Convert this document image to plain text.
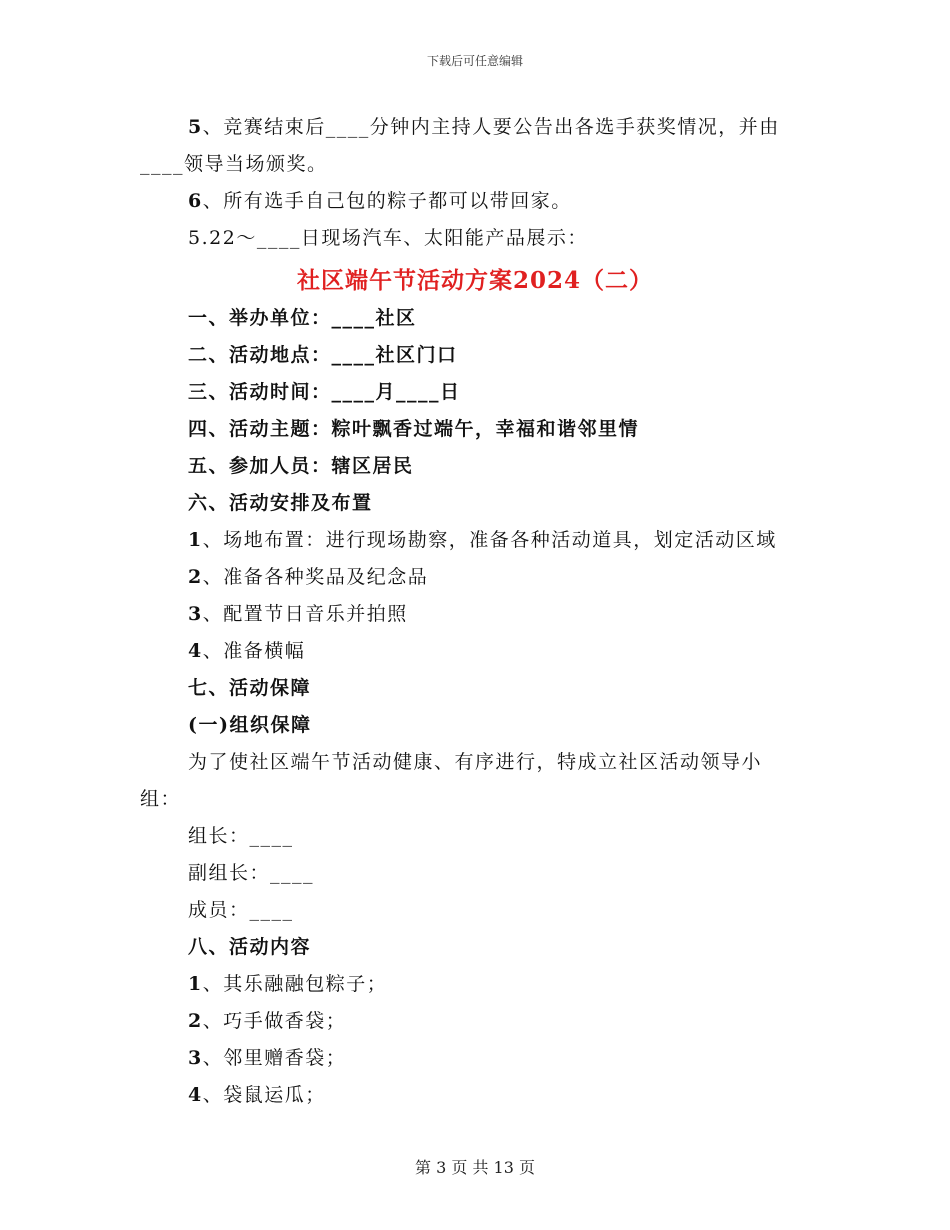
下载后可任意编辑
5、竞赛结束后____分钟内主持人要公告出各选手获奖情况，并由
____领导当场颁奖。
6、所有选手自己包的粽子都可以带回家。
5.22～____日现场汽车、太阳能产品展示：
社区端午节活动方案2024（二）
一、举办单位：____社区
二、活动地点：____社区门口
三、活动时间：____月____日
四、活动主题：粽叶飘香过端午，幸福和谐邻里情
五、参加人员：辖区居民
六、活动安排及布置
1、场地布置：进行现场勘察，准备各种活动道具，划定活动区域
2、准备各种奖品及纪念品
3、配置节日音乐并拍照
4、准备横幅
七、活动保障
(一)组织保障
为了使社区端午节活动健康、有序进行，特成立社区活动领导小
组：
组长：____
副组长：____
成员：____
八、活动内容
1、其乐融融包粽子；
2、巧手做香袋；
3、邻里赠香袋；
4、袋鼠运瓜；
第 3 页 共 13 页
